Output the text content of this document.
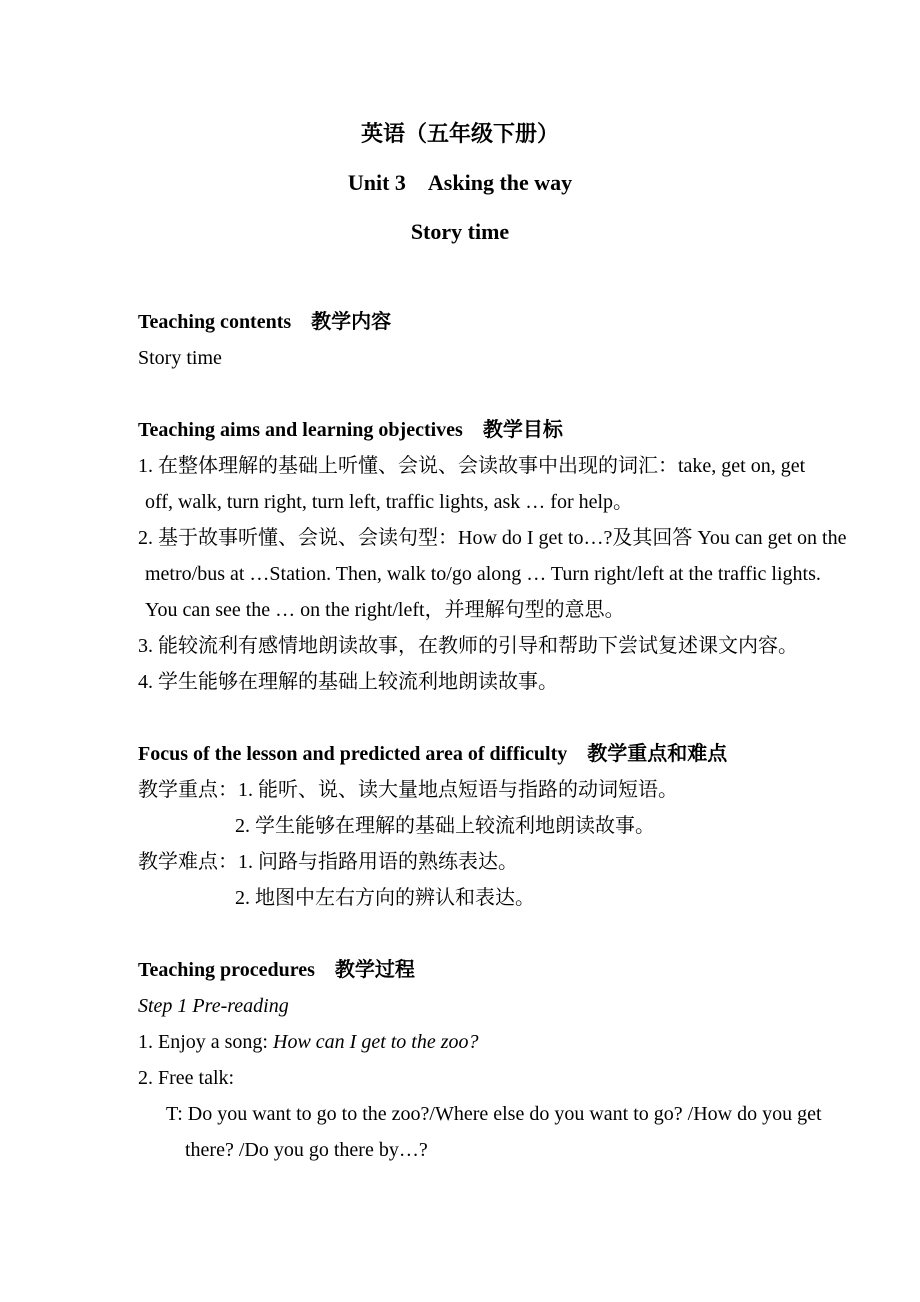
英语（五年级下册）
Unit 3　Asking the way
Story time
Teaching contents　教学内容
Story time
Teaching aims and learning objectives　教学目标
1. 在整体理解的基础上听懂、会说、会读故事中出现的词汇：take, get on, get
off, walk, turn right, turn left, traffic lights, ask … for help。
2. 基于故事听懂、会说、会读句型：How do I get to…?及其回答 You can get on the
metro/bus at …Station. Then, walk to/go along … Turn right/left at the traffic lights.
You can see the … on the right/left，并理解句型的意思。
3. 能较流利有感情地朗读故事，在教师的引导和帮助下尝试复述课文内容。
4. 学生能够在理解的基础上较流利地朗读故事。
Focus of the lesson and predicted area of difficulty　教学重点和难点
教学重点：1. 能听、说、读大量地点短语与指路的动词短语。
2. 学生能够在理解的基础上较流利地朗读故事。
教学难点：1. 问路与指路用语的熟练表达。
2. 地图中左右方向的辨认和表达。
Teaching procedures　教学过程
Step 1 Pre-reading
1. Enjoy a song: How can I get to the zoo?
2. Free talk:
T: Do you want to go to the zoo?/Where else do you want to go? /How do you get
there? /Do you go there by…?
